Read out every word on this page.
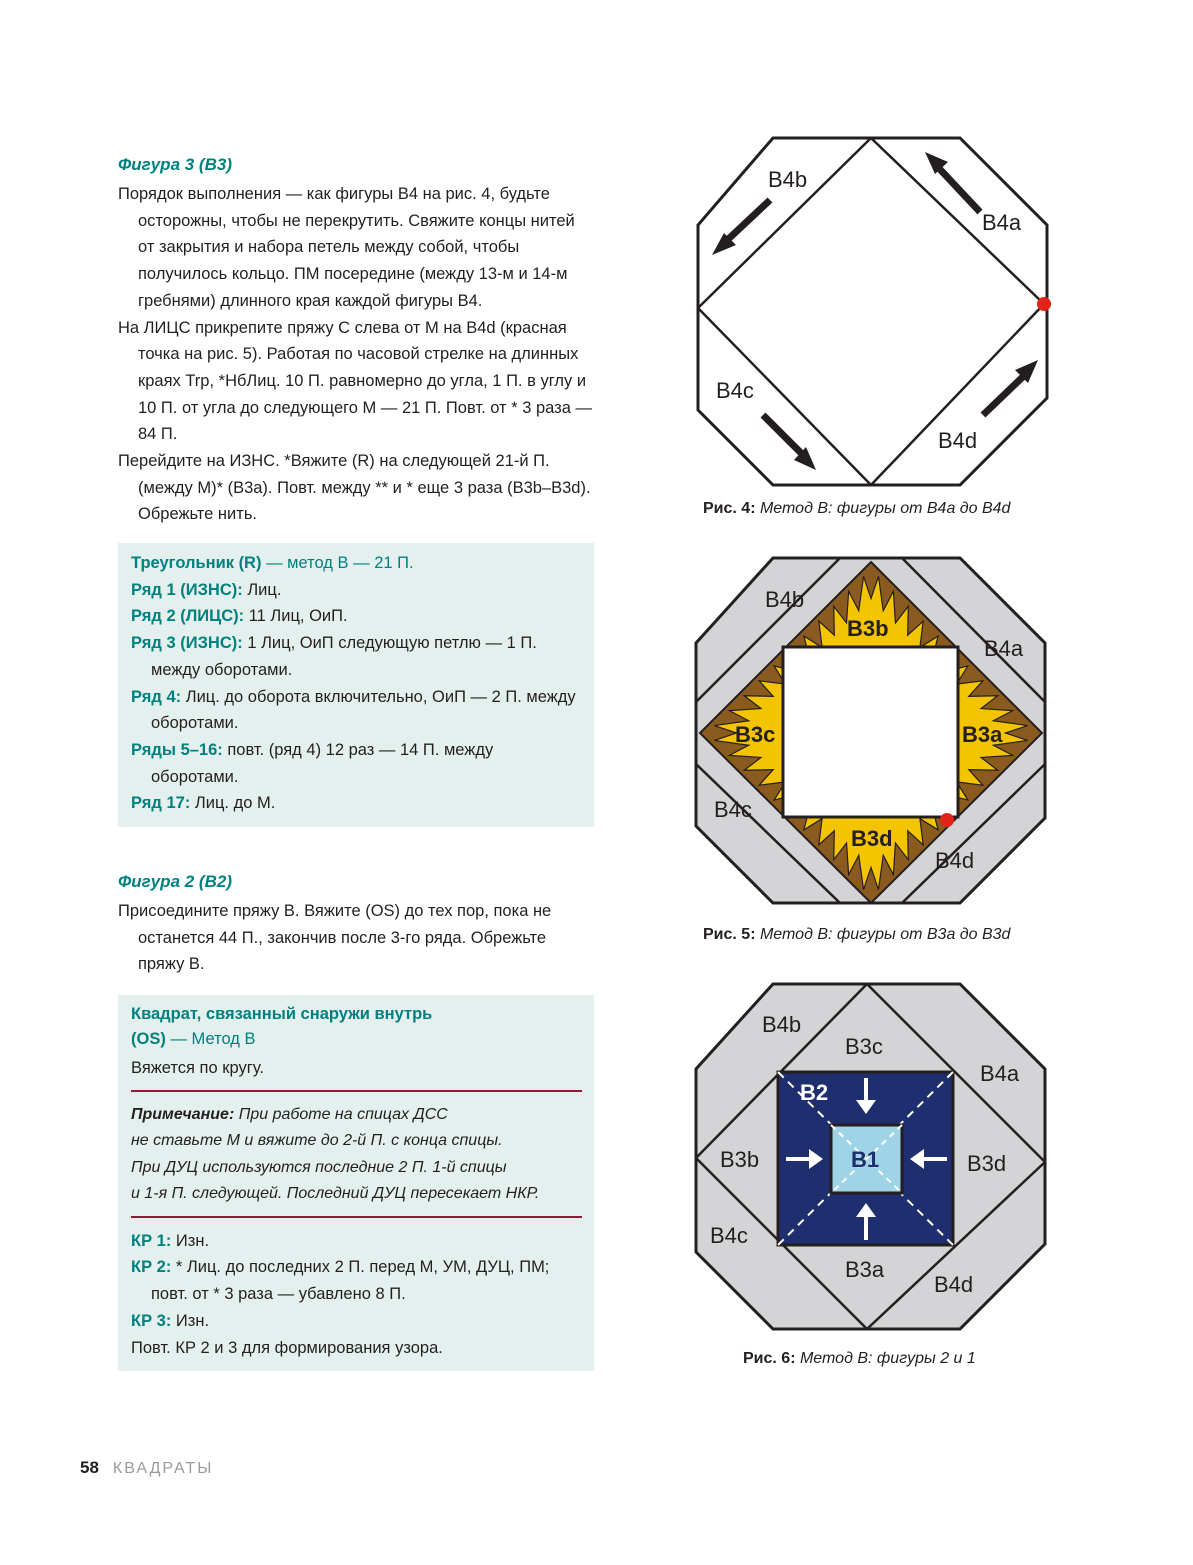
Фигура 3 (B3)

Порядок выполнения — как фигуры B4 на рис. 4, будьте осторожны, чтобы не перекрутить. Свяжите концы нитей от закрытия и набора петель между собой, чтобы получилось кольцо. ПМ посередине (между 13-м и 14-м гребнями) длинного края каждой фигуры B4.

На ЛИЦС прикрепите пряжу С слева от М на B4d (красная точка на рис. 5). Работая по часовой стрелке на длинных краях Trp, *НбЛиц. 10 П. равномерно до угла, 1 П. в углу и 10 П. от угла до следующего М — 21 П. Повт. от * 3 раза — 84 П.

Перейдите на ИЗНС. *Вяжите (R) на следующей 21-й П. (между М)* (B3a). Повт. между ** и * еще 3 раза (B3b–B3d). Обрежьте нить.

Треугольник (R) — метод В — 21 П.

Ряд 1 (ИЗНС): Лиц.

Ряд 2 (ЛИЦС): 11 Лиц, ОиП.

Ряд 3 (ИЗНС): 1 Лиц, ОиП следующую петлю — 1 П. между оборотами.

Ряд 4: Лиц. до оборота включительно, ОиП — 2 П. между оборотами.

Ряды 5–16: повт. (ряд 4) 12 раз — 14 П. между оборотами.

Ряд 17: Лиц. до М.

Фигура 2 (B2)

Присоедините пряжу В. Вяжите (OS) до тех пор, пока не останется 44 П., закончив после 3-го ряда. Обрежьте пряжу В.

Квадрат, связанный снаружи внутрь
(OS) — Метод В

Вяжется по кругу.

Примечание: При работе на спицах ДСС
не ставьте М и вяжите до 2-й П. с конца спицы.
При ДУЦ используются последние 2 П. 1-й спицы
и 1-я П. следующей. Последний ДУЦ пересекает НКР.

КР 1: Изн.

КР 2: * Лиц. до последних 2 П. перед М, УМ, ДУЦ, ПМ; повт. от * 3 раза — убавлено 8 П.

КР 3: Изн.

Повт. КР 2 и 3 для формирования узора.

B4b
B4a
B4c
B4d
Рис. 4: Метод В: фигуры от B4a до B4d
B4b
B4a
B4c
B4d
B3b
B3a
B3c
B3d
Рис. 5: Метод В: фигуры от B3a до B3d
B4b
B4a
B4c
B4d
B3c
B3b	B3d
B3a
B2
B1
Рис. 6: Метод В: фигуры 2 и 1
58 КВАДРАТЫ
